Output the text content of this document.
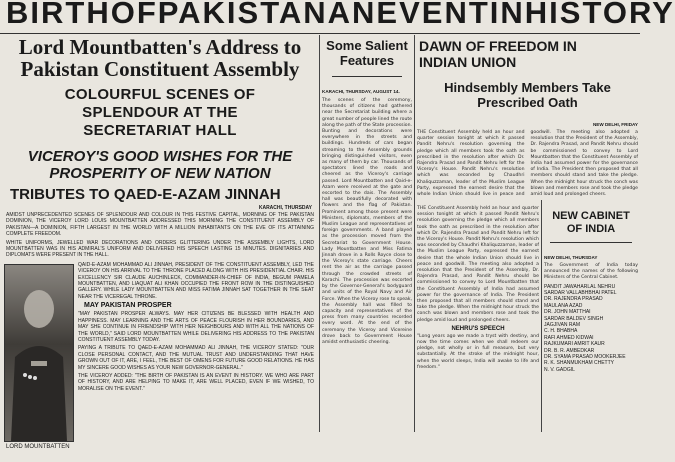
BIRTH OF PAKISTAN AN EVENT IN HISTORY
Lord Mountbatten's Address to Pakistan Constituent Assembly
COLOURFUL SCENES OF SPLENDOUR AT THE SECRETARIAT HALL
VICEROY'S GOOD WISHES FOR THE PROSPERITY OF NEW NATION
TRIBUTES TO QAED-E-AZAM JINNAH
KARACHI, THURSDAY
AMIDST UNPRECEDENTED SCENES OF SPLENDOUR AND COLOUR IN THIS FESTIVE CAPITAL, MORNING OF THE PAKISTAN DOMINION, THE VICEROY LORD LOUIS MOUNTBATTEN ADDRESSED THIS MORNING THE CONSTITUENT ASSEMBLY OF PAKISTAN—A DOMINION, FIFTH LARGEST IN THE WORLD WITH A MILLION INHABITANTS ON THE EVE OF ITS ATTAINING COMPLETE FREEDOM.
WHITE UNIFORMS, JEWELLED WAR DECORATIONS AND ORDERS GLITTERING UNDER THE ASSEMBLY LIGHTS, LORD MOUNTBATTEN WAS IN HIS ADMIRAL'S UNIFORM AND DELIVERED HIS SPEECH LASTING 15 MINUTES. DIGNITARIES AND DIPLOMATS WERE PRESENT IN THE HALL.
LORD MOUNTBATTEN
QAID-E-AZAM MOHAMMAD ALI JINNAH, PRESIDENT OF THE CONSTITUENT ASSEMBLY, LED THE VICEROY ON HIS ARRIVAL TO THE THRONE PLACED ALONG WITH HIS PRESIDENTIAL CHAIR. HIS EXCELLENCY SIR CLAUDE AUCHINLECK, COMMANDER-IN-CHIEF OF INDIA, BEGUM PAMELA MOUNTBATTEN, AND LIAQUAT ALI KHAN OCCUPIED THE FRONT ROW IN THE DISTINGUISHED GALLERY. WHILE LADY MOUNTBATTEN AND MISS FATIMA JINNAH SAT TOGETHER IN THE SEAT NEAR THE VICEREGAL THRONE.
MAY PAKISTAN PROSPER
"MAY PAKISTAN PROSPER ALWAYS. MAY HER CITIZENS BE BLESSED WITH HEALTH AND HAPPINESS. MAY LEARNING AND THE ARTS OF PEACE FLOURISH IN HER BOUNDARIES, AND MAY SHE CONTINUE IN FRIENDSHIP WITH HER NEIGHBOURS AND WITH ALL THE NATIONS OF THE WORLD," SAID LORD MOUNTBATTEN WHILE DELIVERING HIS ADDRESS TO THE PAKISTAN CONSTITUENT ASSEMBLY TODAY.
PAYING A TRIBUTE TO QAED-E-AZAM MOHAMMAD ALI JINNAH, THE VICEROY STATED: "OUR CLOSE PERSONAL CONTACT, AND THE MUTUAL TRUST AND UNDERSTANDING THAT HAVE GROWN OUT OF IT, ARE, I FEEL, THE BEST OF OMENS FOR FUTURE GOOD RELATIONS. HE HAS MY SINCERE GOOD WISHES AS YOUR NEW GOVERNOR-GENERAL."
THE VICEROY ADDED: "THE BIRTH OF PAKISTAN IS AN EVENT IN HISTORY. WE WHO ARE PART OF HISTORY, AND ARE HELPING TO MAKE IT, ARE WELL PLACED, EVEN IF WE WISHED, TO MORALISE ON THE EVENT."
Some Salient Features
KARACHI, THURSDAY, AUGUST 14.
The scenes of the ceremony, thousands of citizens had gathered near the Secretariat building where a great number of people lined the route along the path of the State procession. Bunting and decorations were everywhere in the streets and buildings. Hundreds of cars began streaming to the Assembly grounds bringing distinguished visitors, even as many of them by car. Thousands of spectators lined the roads and cheered as the Viceroy's carriage passed. Lord Mountbatten and Qaid-e-Azam were received at the gate and escorted to the dais. The Assembly hall was beautifully decorated with flowers and the flag of Pakistan. Prominent among those present were Ministers, diplomats, members of the Muslim League and representatives of foreign governments. A band played as the procession moved from the Secretariat to Government House. Lady Mountbatten and Miss Fatima Jinnah drove in a Rolls Royce close to the Viceroy's state carriage. Cheers rent the air as the carriage passed through the crowded streets of Karachi. The procession was escorted by the Governor-General's bodyguard and units of the Royal Navy and Air Force. When the Viceroy rose to speak, the Assembly hall was filled to capacity and representatives of the press from many countries recorded every word. At the end of the ceremony the Viceroy and Vicereine drove back to Government House amidst enthusiastic cheering.
DAWN OF FREEDOM IN INDIAN UNION
Hindsembly Members Take Prescribed Oath
NEW DELHI, FRIDAY
THE Constituent Assembly held an hour and quarter session tonight at which it passed Pandit Nehru's resolution governing the pledge which all members took the oath as prescribed in the resolution after which Dr. Rajendra Prasad and Pandit Nehru left for the Viceroy's House. Pandit Nehru's resolution which was seconded by Chaudhri Khaliquzzaman, leader of the Muslim League Party, expressed the earnest desire that the whole Indian Union should live in peace and goodwill. The meeting also adopted a resolution that the President of the Assembly, Dr. Rajendra Prasad, and Pandit Nehru should be commissioned to convey to Lord Mountbatten that the Constituent Assembly of India had assumed power for the governance of India. The President then proposed that all members should stand and take the pledge. When the midnight hour struck the conch was blown and members rose and took the pledge amid loud and prolonged cheers.
THE Constituent Assembly held an hour and quarter session tonight at which it passed Pandit Nehru's resolution governing the pledge which all members took the oath as prescribed in the resolution after which Dr. Rajendra Prasad and Pandit Nehru left for the Viceroy's House. Pandit Nehru's resolution which was seconded by Chaudhri Khaliquzzaman, leader of the Muslim League Party, expressed the earnest desire that the whole Indian Union should live in peace and goodwill. The meeting also adopted a resolution that the President of the Assembly, Dr. Rajendra Prasad, and Pandit Nehru should be commissioned to convey to Lord Mountbatten that the Constituent Assembly of India had assumed power for the governance of India. The President then proposed that all members should stand and take the pledge. When the midnight hour struck the conch was blown and members rose and took the pledge amid loud and prolonged cheers.
NEHRU'S SPEECH
"Long years ago we made a tryst with destiny, and now the time comes when we shall redeem our pledge, not wholly or in full measure, but very substantially. At the stroke of the midnight hour, when the world sleeps, India will awake to life and freedom."
NEW CABINET OF INDIA
NEW DELHI, THURSDAY
The Government of India today announced the names of the following Ministers of the Central Cabinet.
PANDIT JAWAHARLAL NEHRU
SARDAR VALLABHBHAI PATEL
DR. RAJENDRA PRASAD
MAULANA AZAD
DR. JOHN MATTHAI
SARDAR BALDEV SINGH
JAGJIVAN RAM
C. H. BHABHA
RAFI AHMED KIDWAI
RAJKUMARI AMRIT KAUR
DR. B. R. AMBEDKAR
DR. SYAMA PRASAD MOOKERJEE
R. K. SHANMUKHAM CHETTY
N. V. GADGIL
